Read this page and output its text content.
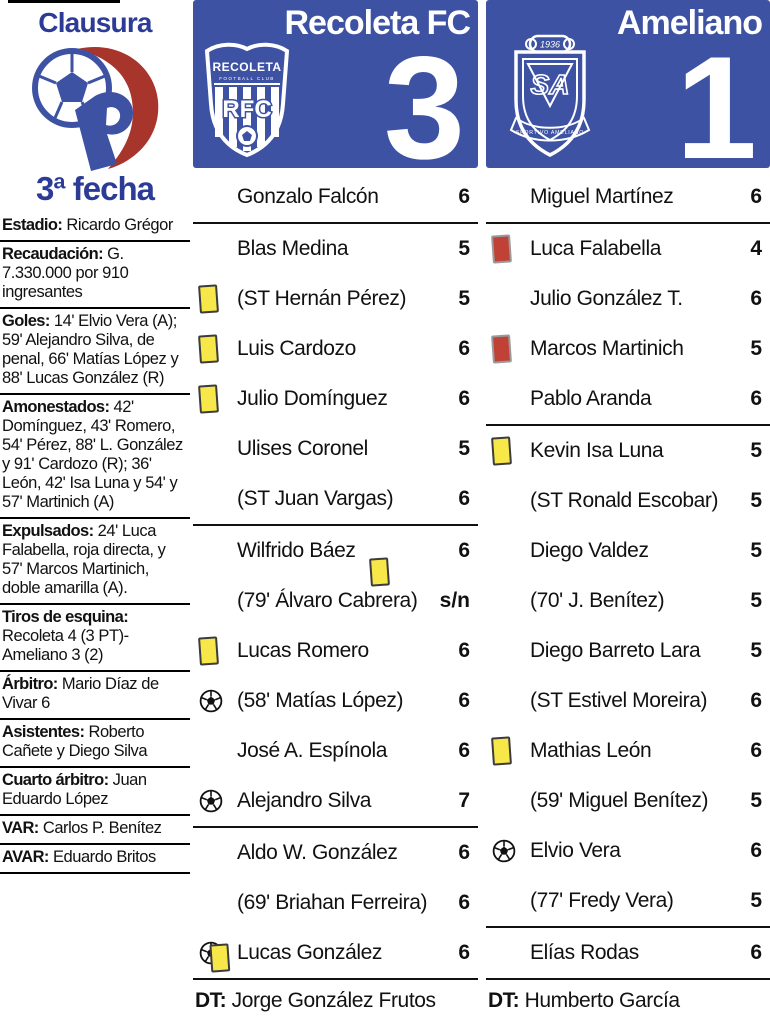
Clausura
3ª fecha
Estadio: Ricardo Grégor
Recaudación: G. 7.330.000 por 910 ingresantes
Goles: 14' Elvio Vera (A); 59' Alejandro Silva, de penal, 66' Matías López y 88' Lucas González (R)
Amonestados: 42' Domínguez, 43' Romero, 54' Pérez, 88' L. González y 91' Cardozo (R); 36' León, 42' Isa Luna y 54' y 57' Martinich (A)
Expulsados: 24' Luca Falabella, roja directa, y 57' Marcos Martinich, doble amarilla (A).
Tiros de esquina: Recoleta 4 (3 PT)- Ameliano 3 (2)
Árbitro: Mario Díaz de Vivar 6
Asistentes: Roberto Cañete y Diego Silva
Cuarto árbitro: Juan Eduardo López
VAR: Carlos P. Benítez
AVAR: Eduardo Britos
RECOLETA
FOOTBALL CLUB
RFC
Recoleta FC
3
Gonzalo Falcón	6
Blas Medina	5
(ST Hernán Pérez) 5
Luis Cardozo	6
Julio Domínguez	6
Ulises Coronel	5
(ST Juan Vargas)	6
Wilfrido Báez	6
(79' Álvaro Cabrera) s/n
Lucas Romero	6
(58' Matías López)	6
José A. Espínola	6
Alejandro Silva	7
Aldo W. González	6
(69' Briahan Ferreira) 6
Lucas González	6
DT: Jorge González Frutos
1936
SA
SPORTIVO AMELIANO
Ameliano
1
Miguel Martínez	6
Luca Falabella	4
Julio González T.	6
Marcos Martinich	5
Pablo Aranda	6
Kevin Isa Luna	5
(ST Ronald Escobar) 5
Diego Valdez	5
(70' J. Benítez)	5
Diego Barreto Lara 5
(ST Estivel Moreira) 6
Mathias León	6
(59' Miguel Benítez) 5
Elvio Vera	6
(77' Fredy Vera)	5
Elías Rodas	6
DT: Humberto García
